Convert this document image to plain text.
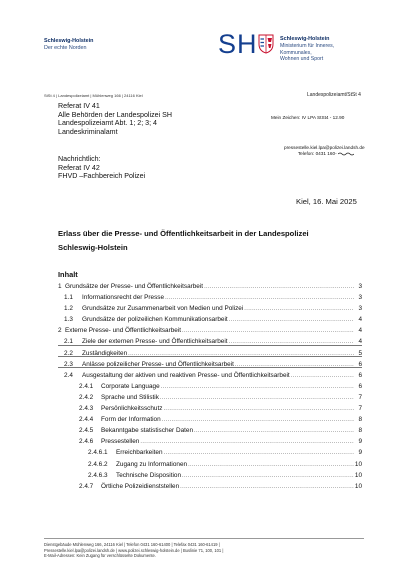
Schleswig-Holstein
Der echte Norden	SH	Schleswig-Holstein
Ministerium für Inneres,
Kommunales,
Wohnen und Sport
StSt 4 | Landespolizeiamt | Mühlenweg 166 | 24116 Kiel	Landespolizeiamt/StSt 4
Referat IV 41
Alle Behörden der Landespolizei SH
Landespolizeiamt Abt. 1; 2; 3; 4
Landeskriminalamt
Mein Zeichen: IV LPA StSt4 - 12.90
pressestelle.kiel.lpa@polizei.landsh.de
Telefon: 0431 160-
Nachrichtlich:
Referat IV 42
FHVD –Fachbereich Polizei
Kiel, 16. Mai 2025
Erlass über die Presse- und Öffentlichkeitsarbeit in der Landespolizei
Schleswig-Holstein
Inhalt
1 Grundsätze der Presse- und Öffentlichkeitsarbeit .....	3
1.1	Informationsrecht der Presse .....	3
1.2	Grundsätze zur Zusammenarbeit von Medien und Polizei .....	3
1.3	Grundsätze der polizeilichen Kommunikationsarbeit .....	4
2 Externe Presse- und Öffentlichkeitsarbeit .....	4
2.1	Ziele der externen Presse- und Öffentlichkeitsarbeit .....	4
2.2	Zuständigkeiten .....	5
2.3	Anlässe polizeilicher Presse- und Öffentlichkeitsarbeit .....	6
2.4	Ausgestaltung der aktiven und reaktiven Presse- und Öffentlichkeitsarbeit .....	6
2.4.1	Corporate Language .....	6
2.4.2	Sprache und Stilistik .....	7
2.4.3	Persönlichkeitsschutz .....	7
2.4.4	Form der Information .....	8
2.4.5	Bekanntgabe statistischer Daten .....	8
2.4.6	Pressestellen .....	9
2.4.6.1	Erreichbarkeiten .....	9
2.4.6.2	Zugang zu Informationen .....	10
2.4.6.3	Technische Disposition .....	10
2.4.7	Örtliche Polizeidienststellen .....	10
Dienstgebäude Mühlenweg 166, 24116 Kiel | Telefon 0431 160-61400 | Telefax 0431 160-61419 |
Pressestelle.kiel.lpa@polizei.landsh.de | www.polizei.schleswig-holstein.de | Buslinie 71, 100, 101 |
E-Mail-Adressen: Kein Zugang für verschlüsselte Dokumente.
